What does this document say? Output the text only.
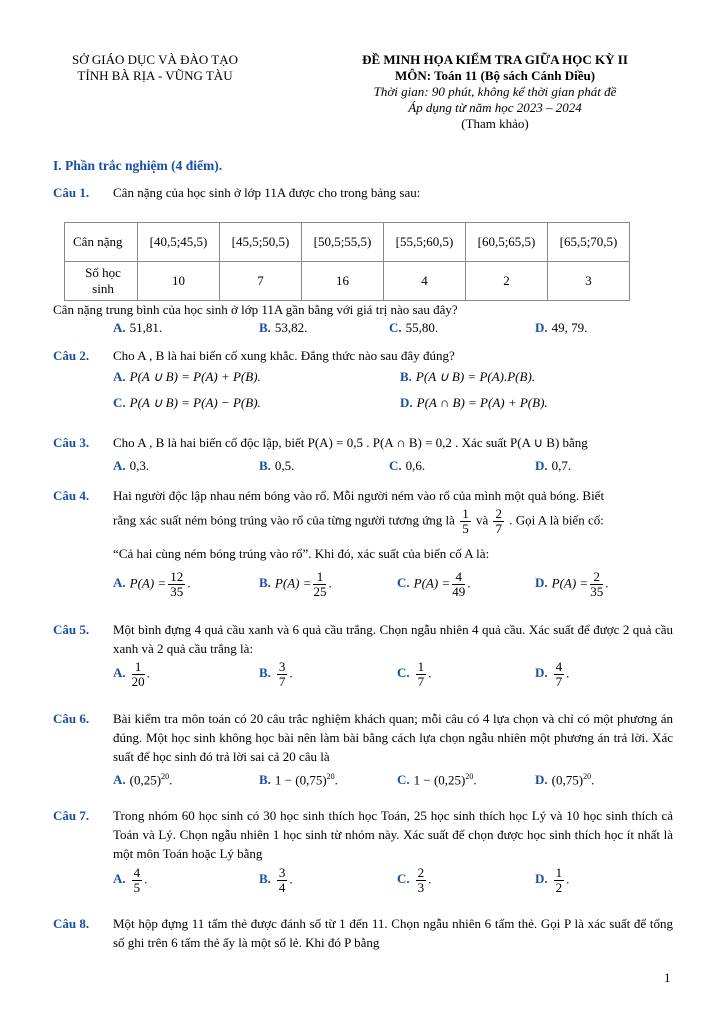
SỞ GIÁO DỤC VÀ ĐÀO TẠO
TỈNH BÀ RỊA - VŨNG TÀU
ĐỀ MINH HỌA KIỂM TRA GIỮA HỌC KỲ II
MÔN: Toán 11 (Bộ sách Cánh Diều)
Thời gian: 90 phút, không kể thời gian phát đề
Áp dụng từ năm học 2023 – 2024
(Tham khảo)
I. Phần trắc nghiệm (4 điểm).
Câu 1. Cân nặng của học sinh ở lớp 11A được cho trong bảng sau:
Cân nặng	[40,5;45,5)	[45,5;50,5)	[50,5;55,5)	[55,5;60,5)	[60,5;65,5)	[65,5;70,5)
Số học sinh	10	7	16	4	2	3
Cân nặng trung bình của học sinh ở lớp 11A gần bằng với giá trị nào sau đây?
A. 51,81.	B. 53,82.	C. 55,80.	D. 49, 79.
Câu 2. Cho A , B là hai biến cố xung khắc. Đẳng thức nào sau đây đúng?
A. P(A ∪ B) = P(A) + P(B).	B. P(A ∪ B) = P(A).P(B).
C. P(A ∪ B) = P(A) − P(B).	D. P(A ∩ B) = P(A) + P(B).
Câu 3. Cho A , B là hai biến cố độc lập, biết P(A) = 0,5 . P(A ∩ B) = 0,2 . Xác suất P(A ∪ B) bằng
A. 0,3.	B. 0,5.	C. 0,6.	D. 0,7.
Câu 4. Hai người độc lập nhau ném bóng vào rổ. Mỗi người ném vào rổ của mình một quả bóng. Biết
rằng xác suất ném bóng trúng vào rổ của từng người tương ứng là $\frac{1}{5}$ và $\frac{2}{7}$ . Gọi A là biến cố:
“Cả hai cùng ném bóng trúng vào rổ”. Khi đó, xác suất của biến cố A là:
A. $P(A) = \frac{12}{35}$ .	B. $P(A) = \frac{1}{25}$ .	C. $P(A) = \frac{4}{49}$ .	D. $P(A) = \frac{2}{35}$ .
Câu 5. Một bình đựng 4 quả cầu xanh và 6 quả cầu trắng. Chọn ngẫu nhiên 4 quả cầu. Xác suất để được 2 quả cầu xanh và 2 quả cầu trắng là:
A. $\frac{1}{20}$ .	B. $\frac{3}{7}$ .	C. $\frac{1}{7}$ .	D. $\frac{4}{7}$ .
Câu 6. Bài kiểm tra môn toán có 20 câu trắc nghiệm khách quan; mỗi câu có 4 lựa chọn và chỉ có một phương án đúng. Một học sinh không học bài nên làm bài bằng cách lựa chọn ngẫu nhiên một phương án trả lời. Xác suất để học sinh đó trả lời sai cả 20 câu là
A. $(0,25)^{20}$.	B. $1 - (0,75)^{20}$.	C. $1 - (0,25)^{20}$.	D. $(0,75)^{20}$.
Câu 7. Trong nhóm 60 học sinh có 30 học sinh thích học Toán, 25 học sinh thích học Lý và 10 học sinh thích cả Toán và Lý. Chọn ngẫu nhiên 1 học sinh từ nhóm này. Xác suất để chọn được học sinh thích học ít nhất là một môn Toán hoặc Lý bằng
A. $\frac{4}{5}$ .	B. $\frac{3}{4}$ .	C. $\frac{2}{3}$ .	D. $\frac{1}{2}$ .
Câu 8. Một hộp đựng 11 tấm thẻ được đánh số từ 1 đến 11. Chọn ngẫu nhiên 6 tấm thẻ. Gọi P là xác suất để tổng số ghi trên 6 tấm thẻ ấy là một số lẻ. Khi đó P bằng
1
